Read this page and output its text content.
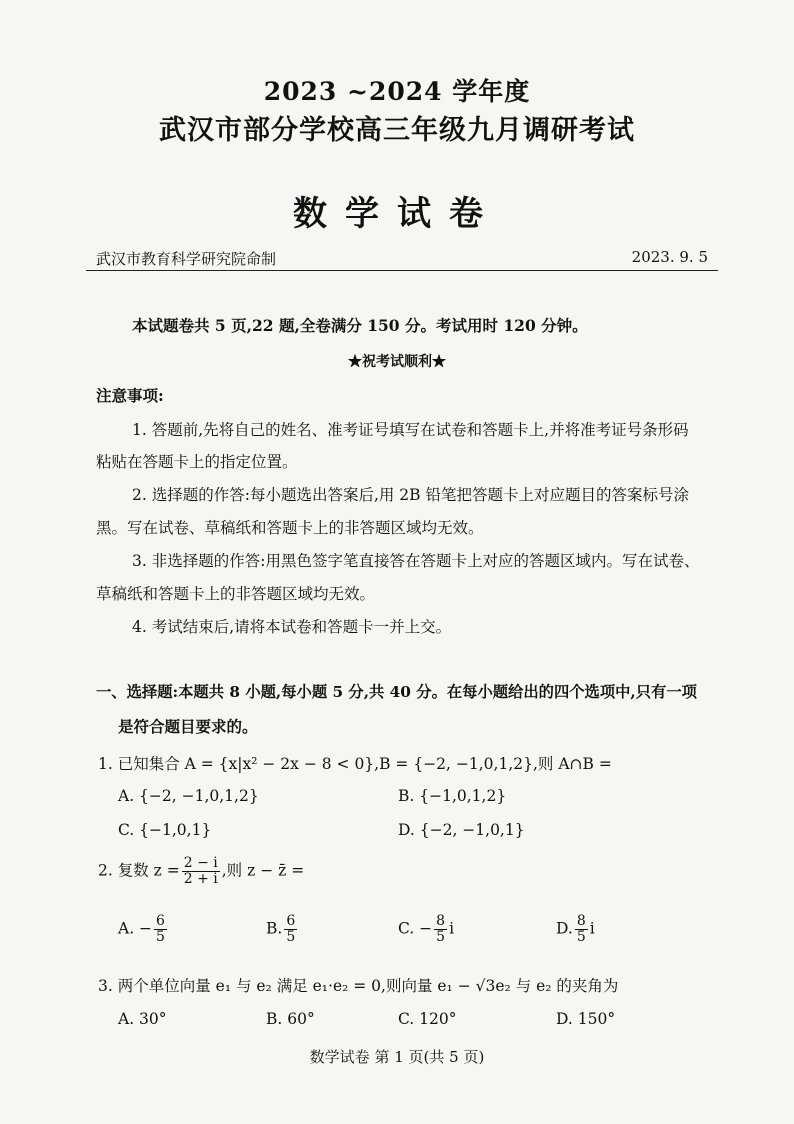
2023 ~2024 学年度
武汉市部分学校高三年级九月调研考试
数学试卷
武汉市教育科学研究院命制	2023. 9. 5
本试题卷共 5 页,22 题,全卷满分 150 分。考试用时 120 分钟。
★祝考试顺利★
注意事项:
1. 答题前,先将自己的姓名、准考证号填写在试卷和答题卡上,并将准考证号条形码
粘贴在答题卡上的指定位置。
2. 选择题的作答:每小题选出答案后,用 2B 铅笔把答题卡上对应题目的答案标号涂
黑。写在试卷、草稿纸和答题卡上的非答题区域均无效。
3. 非选择题的作答:用黑色签字笔直接答在答题卡上对应的答题区域内。写在试卷、
草稿纸和答题卡上的非答题区域均无效。
4. 考试结束后,请将本试卷和答题卡一并上交。
一、选择题:本题共 8 小题,每小题 5 分,共 40 分。在每小题给出的四个选项中,只有一项
是符合题目要求的。
1. 已知集合 A = {x|x² − 2x − 8 < 0},B = {−2, −1,0,1,2},则 A∩B =
A. {−2, −1,0,1,2}	B. {−1,0,1,2}
C. {−1,0,1}	D. {−2, −1,0,1}
2. 复数 $z = \frac{2 - i}{2 + i}$ ,则 z − z̄ =
A. − $\frac{6}{5}$	B. $\frac{6}{5}$	C. − $\frac{8}{5}$ i	D. $\frac{8}{5}$ i
3. 两个单位向量 e₁ 与 e₂ 满足 e₁·e₂ = 0,则向量 e₁ − √3e₂ 与 e₂ 的夹角为
A. 30°	B. 60°	C. 120°	D. 150°
数学试卷 第 1 页(共 5 页)
